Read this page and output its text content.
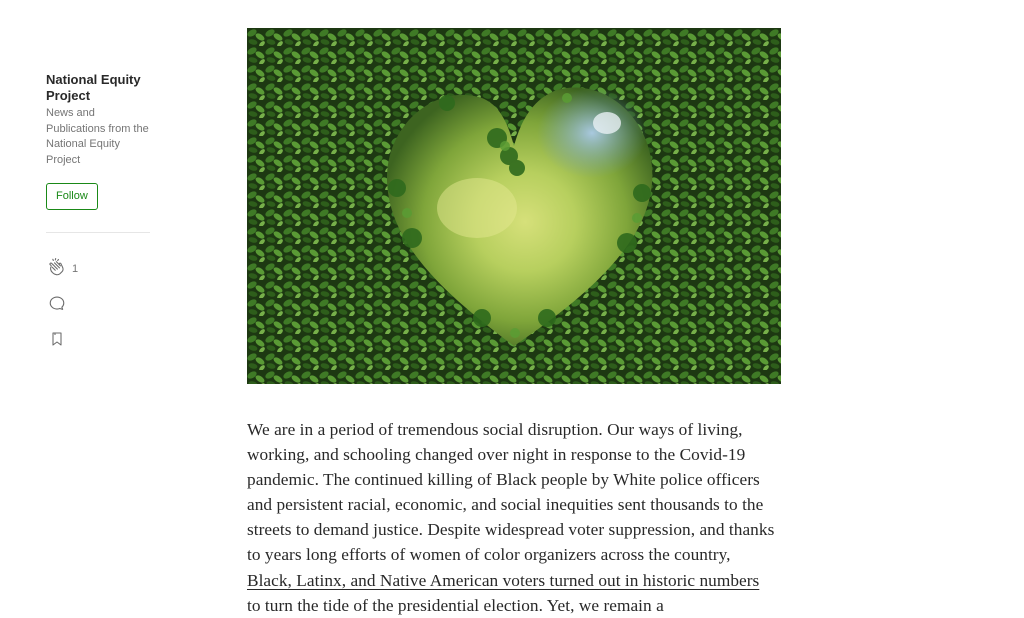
National Equity Project
News and Publications from the National Equity Project
Follow
1

We are in a period of tremendous social disruption. Our ways of living, working, and schooling changed over night in response to the Covid-19 pandemic. The continued killing of Black people by White police officers and persistent racial, economic, and social inequities sent thousands to the streets to demand justice. Despite widespread voter suppression, and thanks to years long efforts of women of color organizers across the country, Black, Latinx, and Native American voters turned out in historic numbers to turn the tide of the presidential election. Yet, we remain a
